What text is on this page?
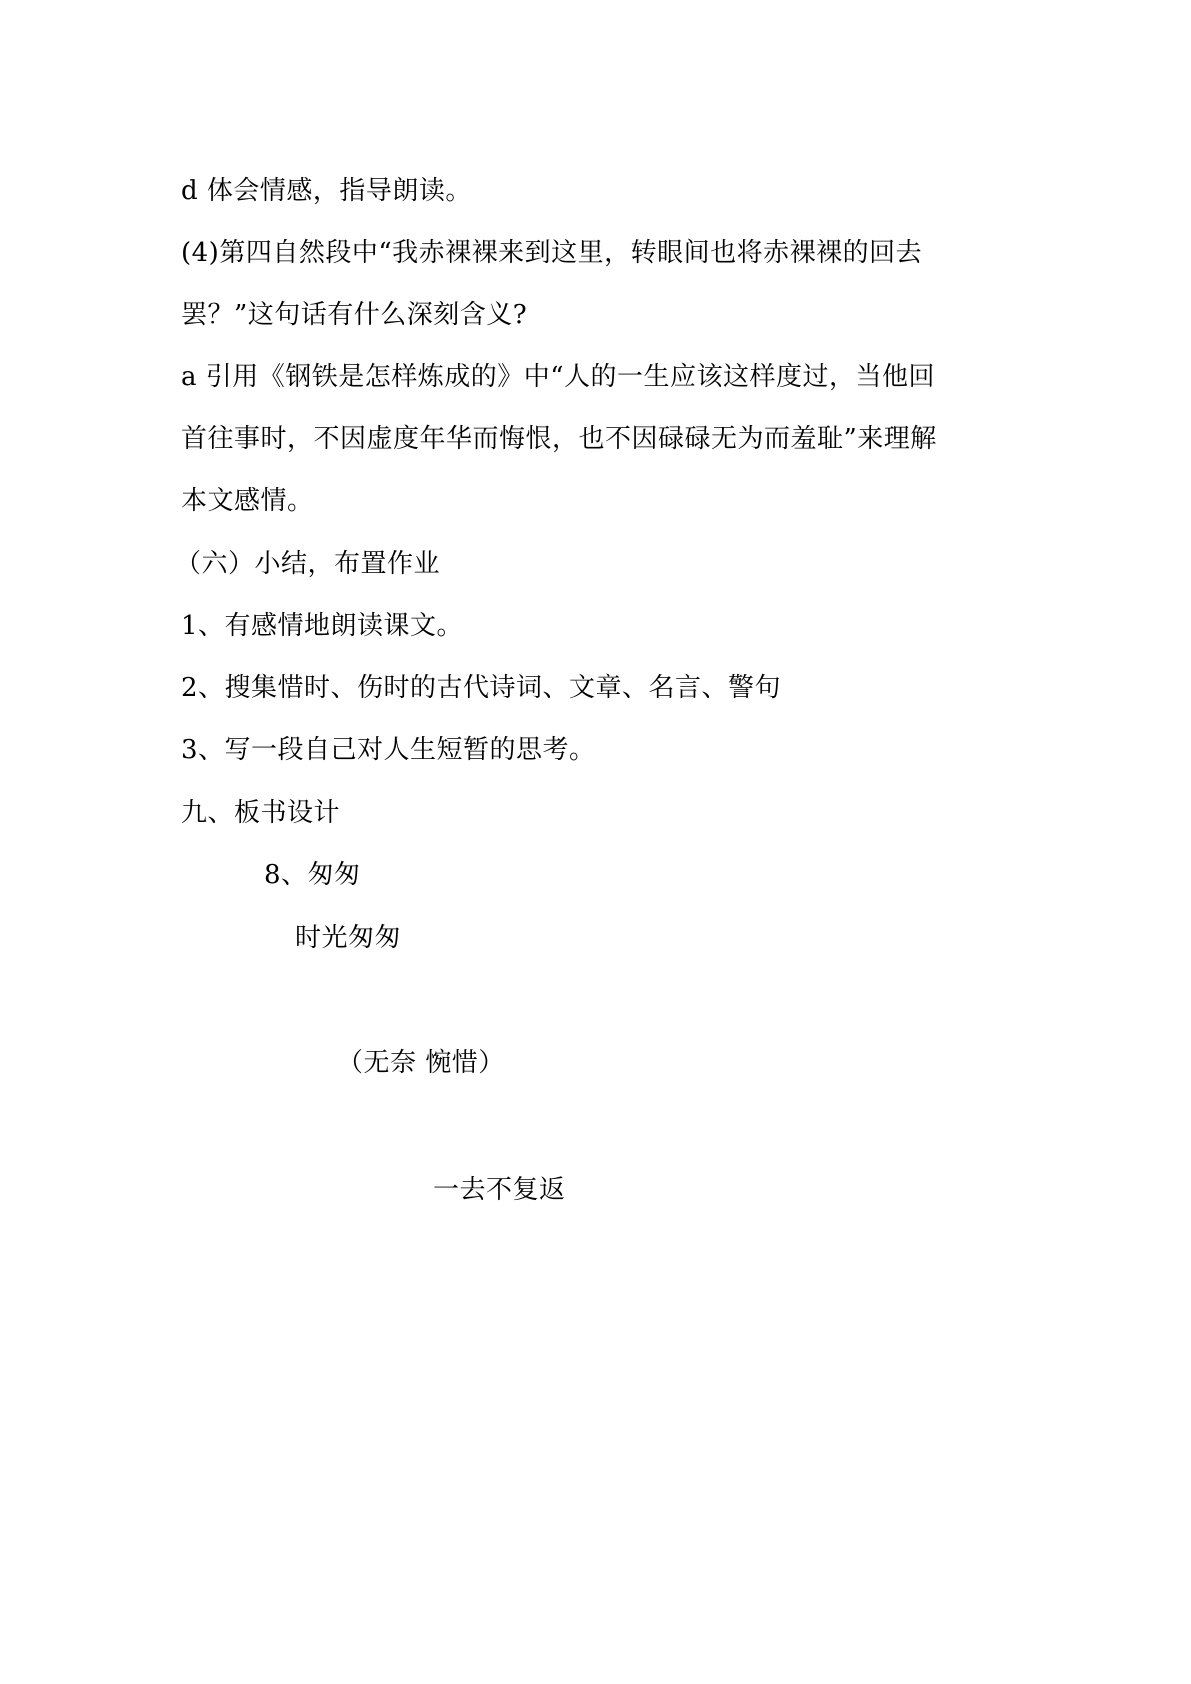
d 体会情感，指导朗读。
(4)第四自然段中“我赤裸裸来到这里，转眼间也将赤裸裸的回去
罢？”这句话有什么深刻含义?
a 引用《钢铁是怎样炼成的》中“人的一生应该这样度过，当他回
首往事时，不因虚度年华而悔恨，也不因碌碌无为而羞耻”来理解
本文感情。
（六）小结，布置作业
1、有感情地朗读课文。
2、搜集惜时、伤时的古代诗词、文章、名言、警句
3、写一段自己对人生短暂的思考。
九、板书设计
8、匆匆
时光匆匆
（无奈 惋惜）
一去不复返
